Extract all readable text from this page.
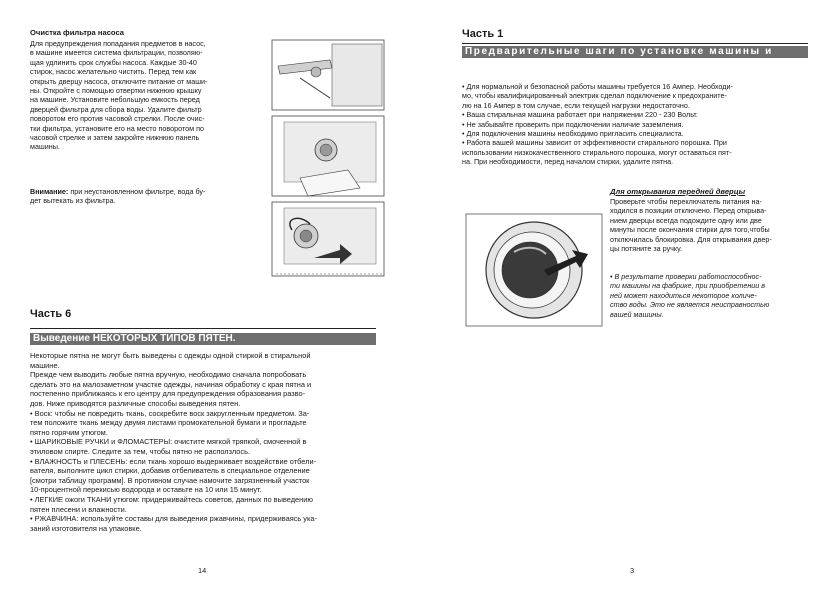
Очистка фильтра насоса
Для предупреждения попадания предметов в насос,
в машине имеется система фильтрации, позволяю-
щая удлинить срок службы насоса. Каждые 30-40
стирок, насос желательно чистить. Перед тем как
открыть дверцу насоса, отключите питание от маши-
ны. Откройте с помощью отвертки нижнюю крышку
на машине. Установите небольшую емкость перед
дверцей фильтра для сбора воды. Удалите фильтр
поворотом его против часовой стрелки. После очис-
тки фильтра, установите его на место поворотом по
часовой стрелке и затем закройте нижнюю панель
машины.
Внимание: при неустановленном фильтре, вода бу-
дет вытекать из фильтра.
Часть 6
Выведение НЕКОТОРЫХ ТИПОВ ПЯТЕН.
Некоторые пятна не могут быть выведены с одежды одной стиркой в стиральной
машине.
Прежде чем выводить любые пятна вручную, необходимо сначала попробовать
сделать это на малозаметном участке одежды, начиная обработку с края пятна и
постепенно приближаясь к его центру для предупреждения образования разво-
дов. Ниже приводятся различные способы выведения пятен.
• Воск: чтобы не повредить ткань, соскребите воск закругленным предметом. За-
тем положите ткань между двумя листами промокательной бумаги и прогладьте
пятно горячим утюгом.
• ШАРИКОВЫЕ РУЧКИ и ФЛОМАСТЕРЫ: очистите мягкой тряпкой, смоченной в
этиловом спирте. Следите за тем, чтобы пятно не расползлось.
• ВЛАЖНОСТЬ и ПЛЕСЕНЬ: если ткань хорошо выдерживает воздействие отбели-
вателя, выполните цикл стирки, добавив отбеливатель в специальное отделение
[смотри таблицу программ]. В противном случае намочите загрязненный участок
10-процентной перекисью водорода и оставьте на 10 или 15 минут.
• ЛЕГКИЕ ожоги ТКАНИ утюгом: придерживайтесь советов, данных по выведению
пятен плесени и влажности.
• РЖАВЧИНА: используйте составы для выведения ржавчины, придерживаясь ука-
заний изготовителя на упаковке.
14
Часть 1
Предварительные шаги по установке машины и
• Для нормальной и безопасной работы машины требуется 16 Ампер. Необходи-
мо, чтобы квалифицированный электрик сделал подключение к предохраните-
лю на 16 Ампер в том случае, если текущей нагрузки недостаточно.
• Ваша стиральная машина работает при напряжении 220 - 230 Вольт.
• Не забывайте проверить при подключении наличие заземления.
• Для подключения машины необходимо пригласить специалиста.
• Работа вашей машины зависит от эффективности стирального порошка. При
использовании низкокачественного стирального порошка, могут оставаться пят-
на. При необходимости, перед началом стирки, удалите пятна.
Для открывания передней дверцы
Проверьте чтобы переключатель питания на-
ходился в позиции отключено. Перед открыва-
нием дверцы всегда подождите одну или две
минуты после окончания стирки для того,чтобы
отключилась блокировка. Для открывания двер-
цы потяните за ручку.
• В результате проверки работоспособнос-
ти машины на фабрике, при приобретении в
ней может находиться некоторое количе-
ство воды. Это не является неисправностью
вашей машины.
3
